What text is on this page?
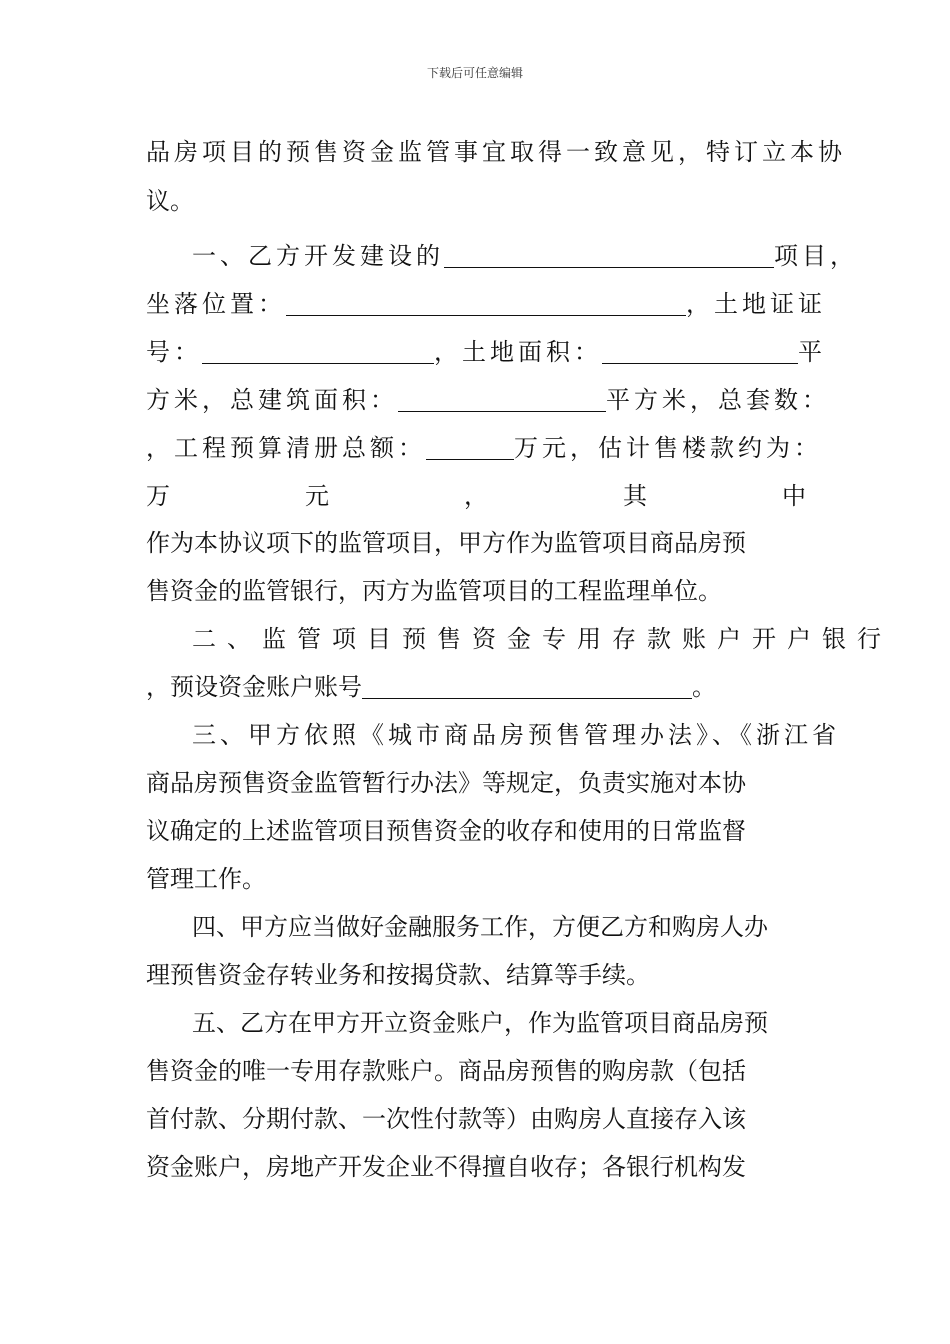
下载后可任意编辑
品房项目的预售资金监管事宜取得一致意见，特订立本协
议。
一、乙方开发建设的	项目，
坐落位置：	，土地证证
号：	，土地面积：	平
方米，总建筑面积：	平方米，总套数：
，工程预算清册总额：	万元，估计售楼款约为：
万	元	，	其	中
作为本协议项下的监管项目，甲方作为监管项目商品房预
售资金的监管银行，丙方为监管项目的工程监理单位。
二、监管项目预售资金专用存款账户开户银行
，预设资金账户账号	。
三、甲方依照《城市商品房预售管理办法》、《浙江省
商品房预售资金监管暂行办法》等规定，负责实施对本协
议确定的上述监管项目预售资金的收存和使用的日常监督
管理工作。
四、甲方应当做好金融服务工作，方便乙方和购房人办
理预售资金存转业务和按揭贷款、结算等手续。
五、乙方在甲方开立资金账户，作为监管项目商品房预
售资金的唯一专用存款账户。商品房预售的购房款（包括
首付款、分期付款、一次性付款等）由购房人直接存入该
资金账户，房地产开发企业不得擅自收存；各银行机构发
